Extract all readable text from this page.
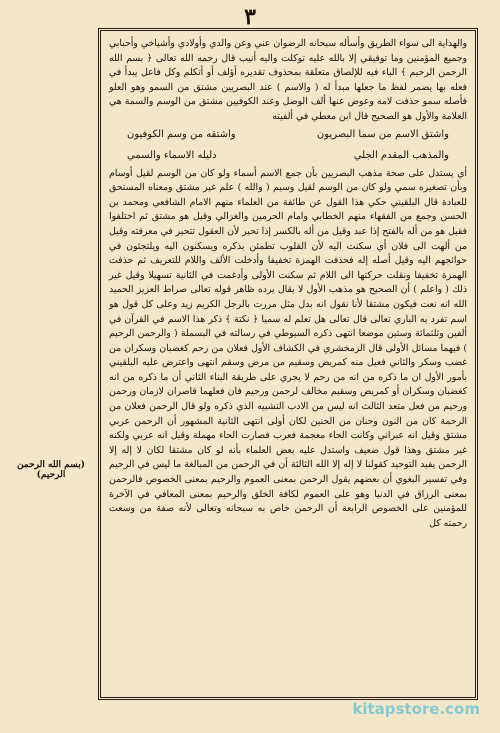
٣

والهداية الى سواء الطريق وأسأله سبحانه الرضوان عني وعن والدي وأولادي وأشياخي وأحبابي وجميع المؤمنين وما توفيقي إلا بالله عليه توكلت واليه أنيب قال رحمه الله تعالى ﴿ بسم الله الرحمن الرحيم ﴾ الباء فيه للإلصاق متعلقة بمحذوف تقديره أؤلف أو أتكلم وكل فاعل يبدأ في فعله بها يضمر لفظ ما جعلها مبدأ له ( والاسم ) عند البصريين مشتق من السمو وهو العلو فأصله سمو حذفت لامه وعوض عنها ألف الوصل وعند الكوفيين مشتق من الوسم والسمة هي العلامة والأول هو الصحيح قال ابن معطي في ألفيته

واشتق الاسم من سما البصريون
واشتقه من وسم الكوفيون
والمذهب المقدم الجلي
دليله الاسماء والسمي

أي يستدل على صحة مذهب البصريين بأن جمع الاسم أسماء ولو كان من الوسم لقيل أوسام وبأن تصغيره سمي ولو كان من الوسم لقيل وسيم ( والله ) علم غير مشتق ومعناه المستحق للعبادة قال البلقيني حكي هذا القول عن طائفة من العلماء منهم الامام الشافعي ومحمد بن الحسن وجمع من الفقهاء منهم الخطابي وامام الحرمين والغزالي وقيل هو مشتق ثم اختلفوا فقيل هو من أله بالفتح إذا عبد وقيل من أله بالكسر إذا تحير لأن العقول تتحير في معرفته وقيل من ألهت الى فلان أي سكنت اليه لأن القلوب تطمئن بذكره ويسكنون اليه ويلتجئون في حوائجهم اليه وقيل أصله إله فحذفت الهمزة تخفيفا وأدخلت الألف واللام للتعريف ثم حذفت الهمزة تخفيفا ونقلت حركتها الى اللام ثم سكنت الأولى وأدغمت في الثانية تسهيلا وقيل غير ذلك ( واعلم ) أن الصحيح هو مذهب الأول لا يقال يرده ظاهر قوله تعالى صراط العزيز الحميد الله انه نعت فيكون مشتقا لأنا نقول انه بدل مثل مررت بالرجل الكريم زيد وعلى كل قول هو اسم تفرد به الباري تعالى قال تعالى هل تعلم له سميا ﴿ نكتة ﴾ ذكر هذا الاسم في القرآن في ألفين وثلثمائة وستين موضعا انتهى ذكره السيوطي في رسالته في البسملة ( والرحمن الرحيم ) فيهما مسائل الأولى قال الزمخشري في الكشاف الأول فعلان من رحم كغضبان وسكران من غضب وسكر والثاني فعيل منه كمريض وسقيم من مرض وسقم انتهى واعترض عليه البلقيني بأمور الأول ان ما ذكره من انه من رحم لا يجري على طريقة البناء الثاني أن ما ذكره من انه كغضبان وسكران أو كمريض وسقيم مخالف لرحمن ورحيم فان فعلهما قاصران لازمان ورحمن ورحيم من فعل متعد الثالث انه ليس من الادب التشبيه الذي ذكره ولو قال الرحمن فعلان من الرحمة كان من النون وحنان من الحنين لكان أولى انتهى الثانية المشهور أن الرحمن عربي مشتق وقيل انه عبراني وكانت الحاء معجمة فعرب فصارت الحاء مهملة وقيل انه عربي ولكنه غير مشتق وهذا قول ضعيف واستدل عليه بعض العلماء بأنه لو كان مشتقا لكان لا إله إلا الرحمن يفيد التوحيد كقولنا لا إله إلا الله الثالثة أن في الرحمن من المبالغة ما ليس في الرحيم وفي تفسير البغوي أن بعضهم يقول الرحمن بمعنى العموم والرحيم بمعنى الخصوص فالرحمن بمعنى الرزاق في الدنيا وهو على العموم لكافة الخلق والرحيم بمعنى المعافي في الآخرة للمؤمنين على الخصوص الرابعة أن الرحمن خاص به سبحانه وتعالى لأنه صفة من وسعت رحمته كل

(بسم الله الرحمن الرحيم)
kitapstore.com
